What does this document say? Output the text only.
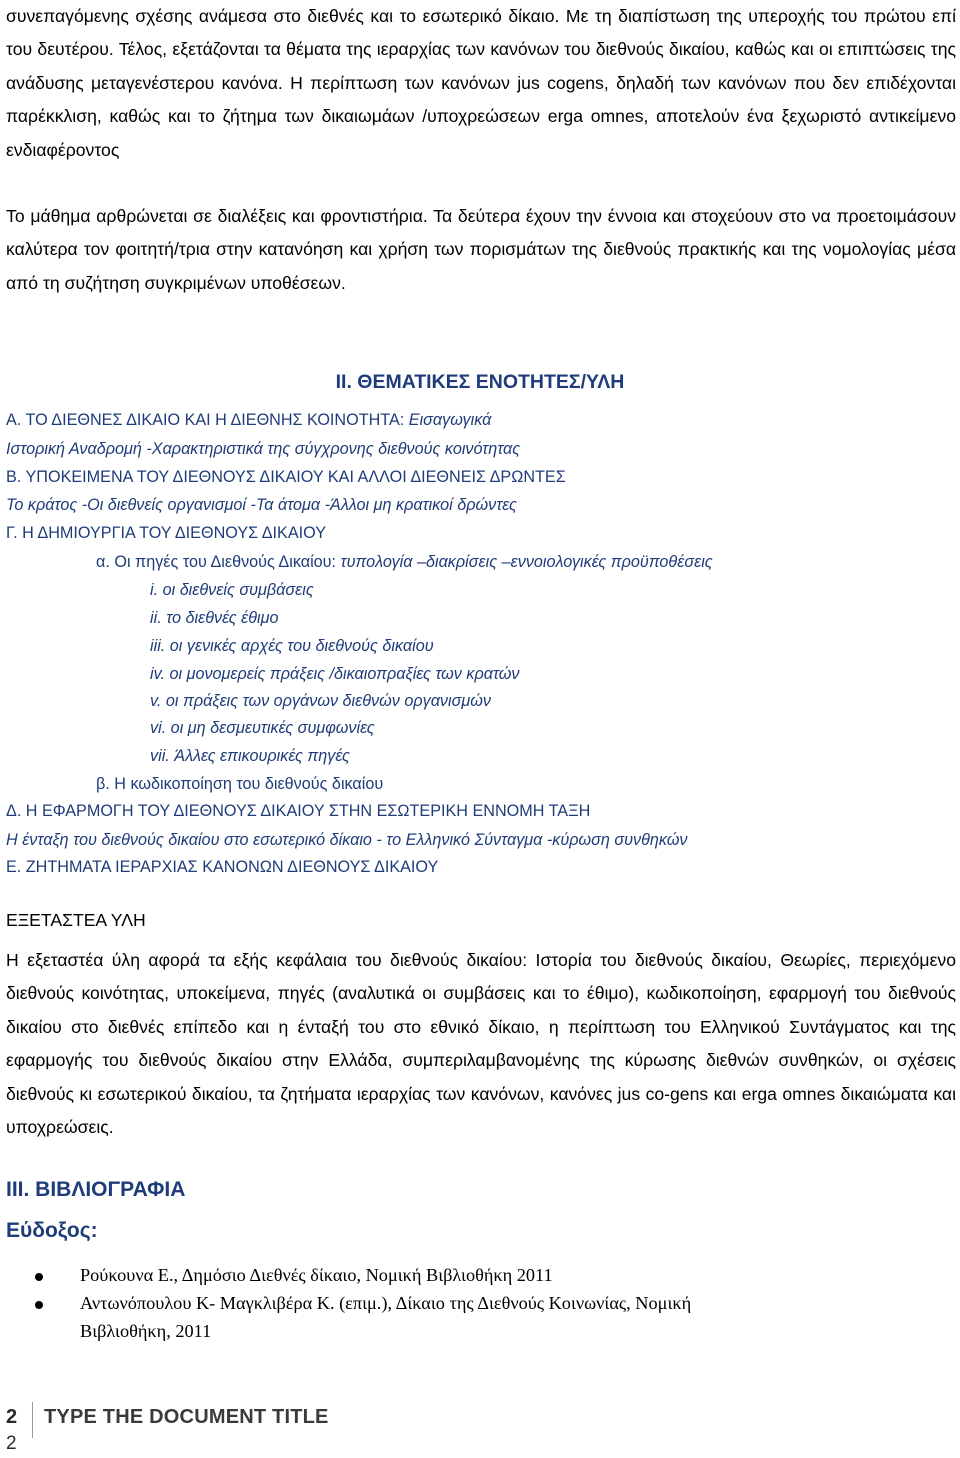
συνεπαγόμενης σχέσης ανάμεσα στο διεθνές και το εσωτερικό δίκαιο. Με τη διαπίστωση της υπεροχής του πρώτου επί του δευτέρου. Τέλος, εξετάζονται τα θέματα της ιεραρχίας των κανόνων του διεθνούς δικαίου, καθώς και οι επιπτώσεις της ανάδυσης μεταγενέστερου κανόνα. Η περίπτωση των κανόνων jus cogens, δηλαδή των κανόνων που δεν επιδέχονται παρέκκλιση, καθώς και το ζήτημα των δικαιωμάων /υποχρεώσεων erga omnes, αποτελούν ένα ξεχωριστό αντικείμενο ενδιαφέροντος

Το μάθημα αρθρώνεται σε διαλέξεις και φροντιστήρια. Τα δεύτερα έχουν την έννοια και στοχεύουν στο να προετοιμάσουν καλύτερα τον φοιτητή/τρια στην κατανόηση και χρήση των πορισμάτων της διεθνούς πρακτικής και της νομολογίας μέσα από τη συζήτηση συγκριμένων υποθέσεων.

II. ΘΕΜΑΤΙΚΕΣ ΕΝΟΤΗΤΕΣ/ΥΛΗ
Α. ΤΟ ΔΙΕΘΝΕΣ ΔΙΚΑΙΟ ΚΑΙ Η ΔΙΕΘΝΗΣ ΚΟΙΝΟΤΗΤΑ: Εισαγωγικά
Ιστορική Αναδρομή -Χαρακτηριστικά της σύγχρονης διεθνούς κοινότητας
Β. ΥΠΟΚΕΙΜΕΝΑ ΤΟΥ ΔΙΕΘΝΟΥΣ ΔΙΚΑΙΟΥ ΚΑΙ ΑΛΛΟΙ ΔΙΕΘΝΕΙΣ ΔΡΩΝΤΕΣ
Το κράτος -Οι διεθνείς οργανισμοί -Τα άτομα -Άλλοι μη κρατικοί δρώντες
Γ. Η ΔΗΜΙΟΥΡΓΙΑ ΤΟΥ ΔΙΕΘΝΟΥΣ ΔΙΚΑΙΟΥ
α. Οι πηγές του Διεθνούς Δικαίου: τυπολογία –διακρίσεις –εννοιολογικές προϋποθέσεις
i. οι διεθνείς συμβάσεις
ii. το διεθνές έθιμο
iii. οι γενικές αρχές του διεθνούς δικαίου
iv. οι μονομερείς πράξεις /δικαιοπραξίες των κρατών
v. οι πράξεις των οργάνων διεθνών οργανισμών
vi. οι μη δεσμευτικές συμφωνίες
vii. Άλλες επικουρικές πηγές
β. Η κωδικοποίηση του διεθνούς δικαίου
Δ. Η ΕΦΑΡΜΟΓΗ ΤΟΥ ΔΙΕΘΝΟΥΣ ΔΙΚΑΙΟΥ ΣΤΗΝ ΕΣΩΤΕΡΙΚΗ ΕΝΝΟΜΗ ΤΑΞΗ
Η ένταξη του διεθνούς δικαίου στο εσωτερικό δίκαιο - το Ελληνικό Σύνταγμα -κύρωση συνθηκών
Ε. ΖΗΤΗΜΑΤΑ ΙΕΡΑΡΧΙΑΣ ΚΑΝΟΝΩΝ ΔΙΕΘΝΟΥΣ ΔΙΚΑΙΟΥ
ΕΞΕΤΑΣΤΕΑ ΥΛΗ

Η εξεταστέα ύλη αφορά τα εξής κεφάλαια του διεθνούς δικαίου: Ιστορία του διεθνούς δικαίου, Θεωρίες, περιεχόμενο διεθνούς κοινότητας, υποκείμενα, πηγές (αναλυτικά οι συμβάσεις και το έθιμο), κωδικοποίηση, εφαρμογή του διεθνούς δικαίου στο διεθνές επίπεδο και η ένταξή του στο εθνικό δίκαιο, η περίπτωση του Ελληνικού Συντάγματος και της εφαρμογής του διεθνούς δικαίου στην Ελλάδα, συμπεριλαμβανομένης της κύρωσης διεθνών συνθηκών, οι σχέσεις διεθνούς κι εσωτερικού δικαίου, τα ζητήματα ιεραρχίας των κανόνων, κανόνες jus co-gens και erga omnes δικαιώματα και υποχρεώσεις.

III. ΒΙΒΛΙΟΓΡΑΦΙΑ
Εύδοξος:
Ρούκουνα Ε., Δημόσιο Διεθνές δίκαιο, Νομική Βιβλιοθήκη 2011
Αντωνόπουλου Κ- Μαγκλιβέρα Κ. (επιμ.), Δίκαιο της Διεθνούς Κοινωνίας, Νομική
Βιβλιοθήκη, 2011
2 TYPE THE DOCUMENT TITLE
2
